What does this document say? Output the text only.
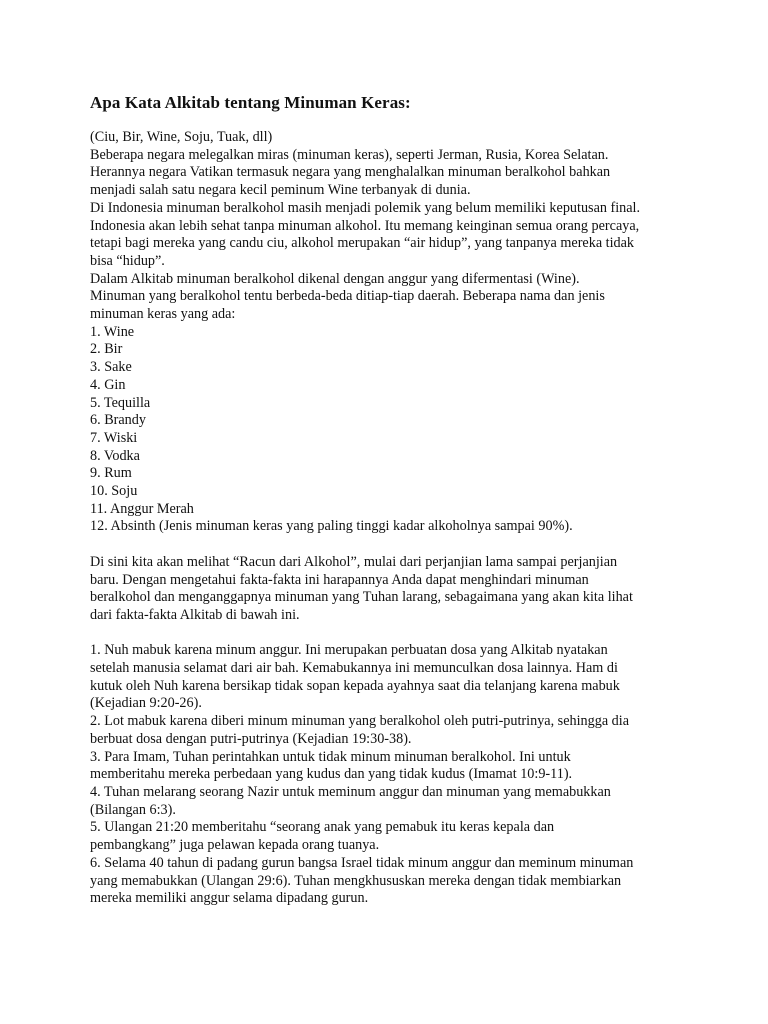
Apa Kata Alkitab tentang Minuman Keras:
(Ciu, Bir, Wine, Soju, Tuak, dll)
Beberapa negara melegalkan miras (minuman keras), seperti Jerman, Rusia, Korea Selatan.
Herannya negara Vatikan termasuk negara yang menghalalkan minuman beralkohol bahkan
menjadi salah satu negara kecil peminum Wine terbanyak di dunia.
Di Indonesia minuman beralkohol masih menjadi polemik yang belum memiliki keputusan final.
Indonesia akan lebih sehat tanpa minuman alkohol. Itu memang keinginan semua orang percaya,
tetapi bagi mereka yang candu ciu, alkohol merupakan “air hidup”, yang tanpanya mereka tidak
bisa “hidup”.
Dalam Alkitab minuman beralkohol dikenal dengan anggur yang difermentasi (Wine).
Minuman yang beralkohol tentu berbeda-beda ditiap-tiap daerah. Beberapa nama dan jenis
minuman keras yang ada:
1. Wine
2. Bir
3. Sake
4. Gin
5. Tequilla
6. Brandy
7. Wiski
8. Vodka
9. Rum
10. Soju
11. Anggur Merah
12. Absinth (Jenis minuman keras yang paling tinggi kadar alkoholnya sampai 90%).
Di sini kita akan melihat “Racun dari Alkohol”, mulai dari perjanjian lama sampai perjanjian
baru. Dengan mengetahui fakta-fakta ini harapannya Anda dapat menghindari minuman
beralkohol dan menganggapnya minuman yang Tuhan larang, sebagaimana yang akan kita lihat
dari fakta-fakta Alkitab di bawah ini.
1. Nuh mabuk karena minum anggur. Ini merupakan perbuatan dosa yang Alkitab nyatakan
setelah manusia selamat dari air bah. Kemabukannya ini memunculkan dosa lainnya. Ham di
kutuk oleh Nuh karena bersikap tidak sopan kepada ayahnya saat dia telanjang karena mabuk
(Kejadian 9:20-26).
2. Lot mabuk karena diberi minum minuman yang beralkohol oleh putri-putrinya, sehingga dia
berbuat dosa dengan putri-putrinya (Kejadian 19:30-38).
3. Para Imam, Tuhan perintahkan untuk tidak minum minuman beralkohol. Ini untuk
memberitahu mereka perbedaan yang kudus dan yang tidak kudus (Imamat 10:9-11).
4. Tuhan melarang seorang Nazir untuk meminum anggur dan minuman yang memabukkan
(Bilangan 6:3).
5. Ulangan 21:20 memberitahu “seorang anak yang pemabuk itu keras kepala dan
pembangkang” juga pelawan kepada orang tuanya.
6. Selama 40 tahun di padang gurun bangsa Israel tidak minum anggur dan meminum minuman
yang memabukkan (Ulangan 29:6). Tuhan mengkhususkan mereka dengan tidak membiarkan
mereka memiliki anggur selama dipadang gurun.
